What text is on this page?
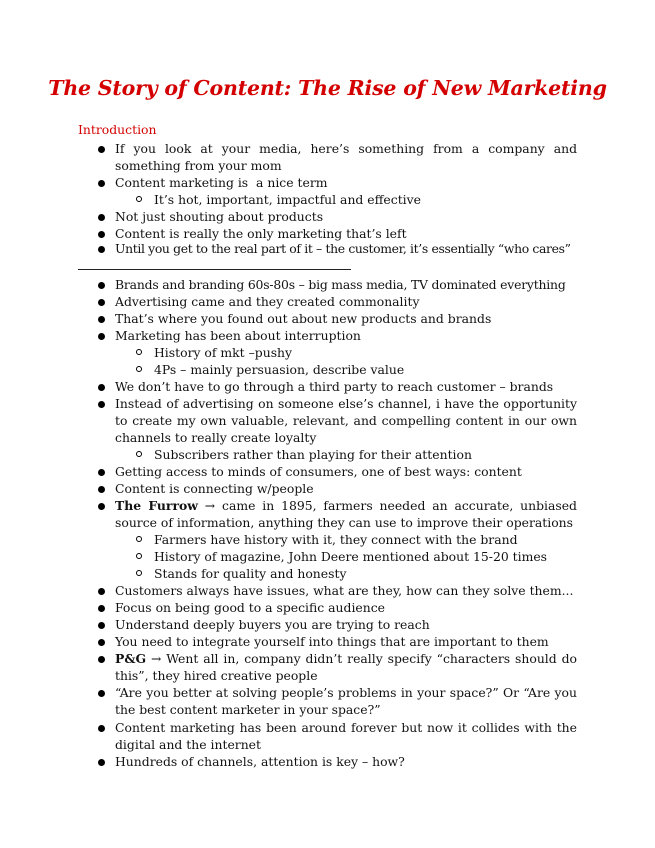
The Story of Content: The Rise of New Marketing
Introduction
If you look at your media, here’s something from a company and something from your mom
Content marketing is  a nice term
It’s hot, important, impactful and effective
Not just shouting about products
Content is really the only marketing that’s left
Until you get to the real part of it – the customer, it’s essentially “who cares”
Brands and branding 60s-80s – big mass media, TV dominated everything
Advertising came and they created commonality
That’s where you found out about new products and brands
Marketing has been about interruption
History of mkt –pushy
4Ps – mainly persuasion, describe value
We don’t have to go through a third party to reach customer – brands
Instead of advertising on someone else’s channel, i have the opportunity to create my own valuable, relevant, and compelling content in our own channels to really create loyalty
Subscribers rather than playing for their attention
Getting access to minds of consumers, one of best ways: content
Content is connecting w/people
The Furrow → came in 1895, farmers needed an accurate, unbiased source of information, anything they can use to improve their operations
Farmers have history with it, they connect with the brand
History of magazine, John Deere mentioned about 15-20 times
Stands for quality and honesty
Customers always have issues, what are they, how can they solve them...
Focus on being good to a specific audience
Understand deeply buyers you are trying to reach
You need to integrate yourself into things that are important to them
P&G → Went all in, company didn’t really specify “characters should do this”, they hired creative people
“Are you better at solving people’s problems in your space?” Or “Are you the best content marketer in your space?”
Content marketing has been around forever but now it collides with the digital and the internet
Hundreds of channels, attention is key – how?
